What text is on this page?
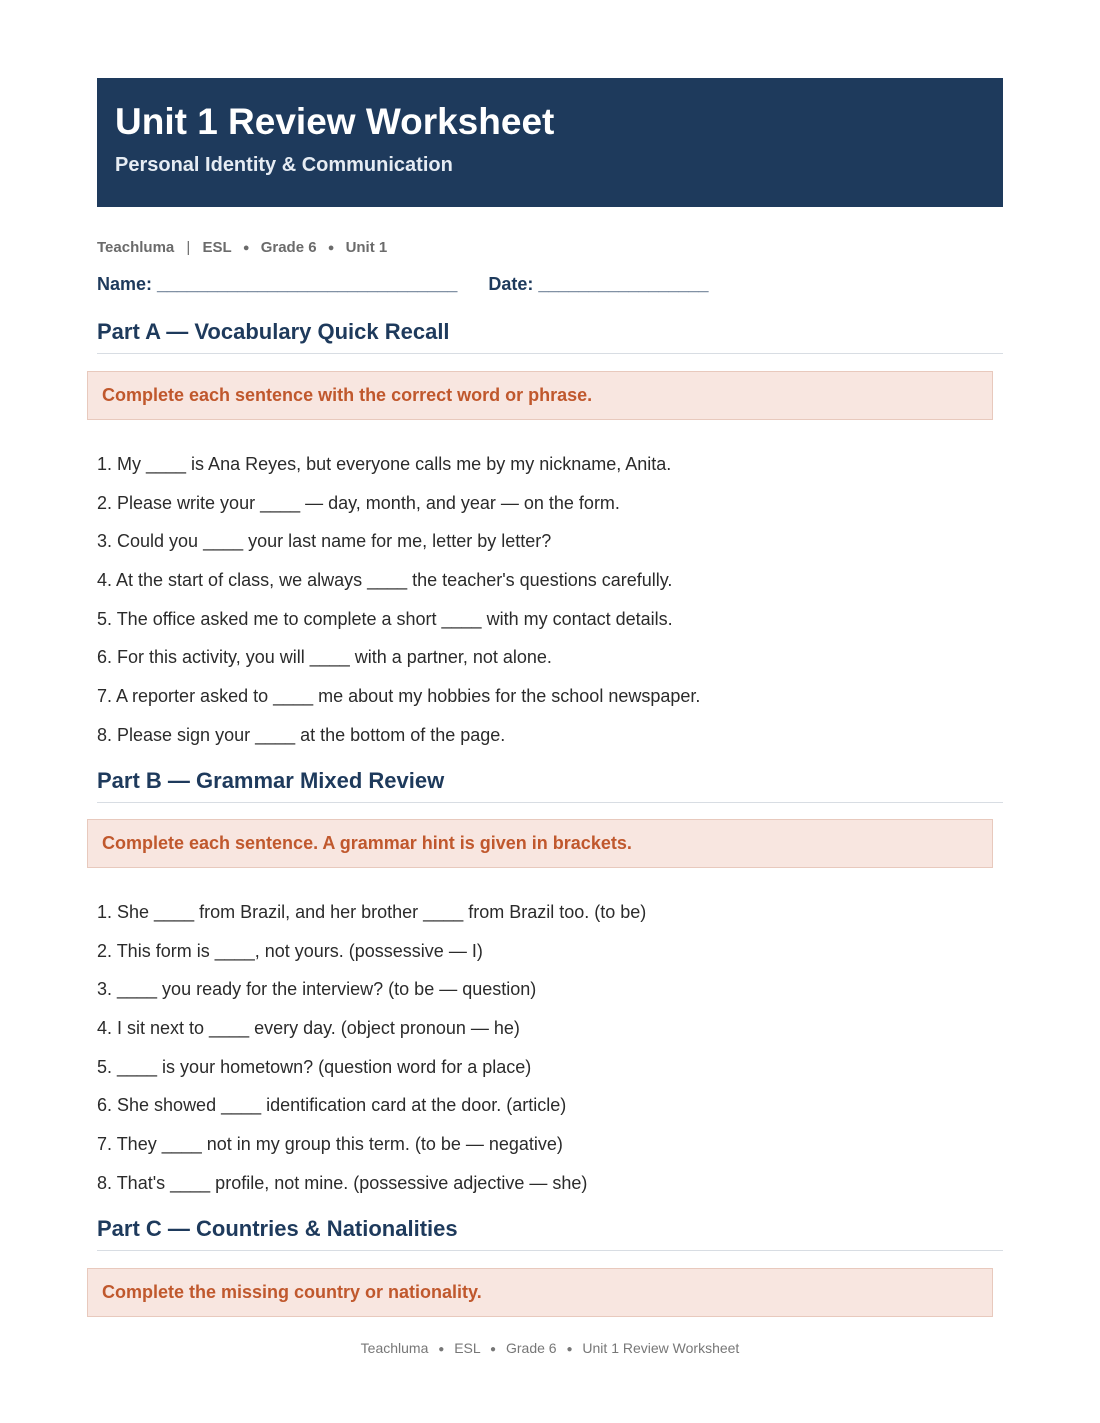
Unit 1 Review Worksheet
Personal Identity & Communication
Teachluma | ESL ● Grade 6 ● Unit 1
Name: ______________________________ Date: _________________
Part A — Vocabulary Quick Recall
Complete each sentence with the correct word or phrase.
1. My ____ is Ana Reyes, but everyone calls me by my nickname, Anita.
2. Please write your ____ — day, month, and year — on the form.
3. Could you ____ your last name for me, letter by letter?
4. At the start of class, we always ____ the teacher's questions carefully.
5. The office asked me to complete a short ____ with my contact details.
6. For this activity, you will ____ with a partner, not alone.
7. A reporter asked to ____ me about my hobbies for the school newspaper.
8. Please sign your ____ at the bottom of the page.
Part B — Grammar Mixed Review
Complete each sentence. A grammar hint is given in brackets.
1. She ____ from Brazil, and her brother ____ from Brazil too. (to be)
2. This form is ____, not yours. (possessive — I)
3. ____ you ready for the interview? (to be — question)
4. I sit next to ____ every day. (object pronoun — he)
5. ____ is your hometown? (question word for a place)
6. She showed ____ identification card at the door. (article)
7. They ____ not in my group this term. (to be — negative)
8. That's ____ profile, not mine. (possessive adjective — she)
Part C — Countries & Nationalities
Complete the missing country or nationality.
Teachluma ● ESL ● Grade 6 ● Unit 1 Review Worksheet
